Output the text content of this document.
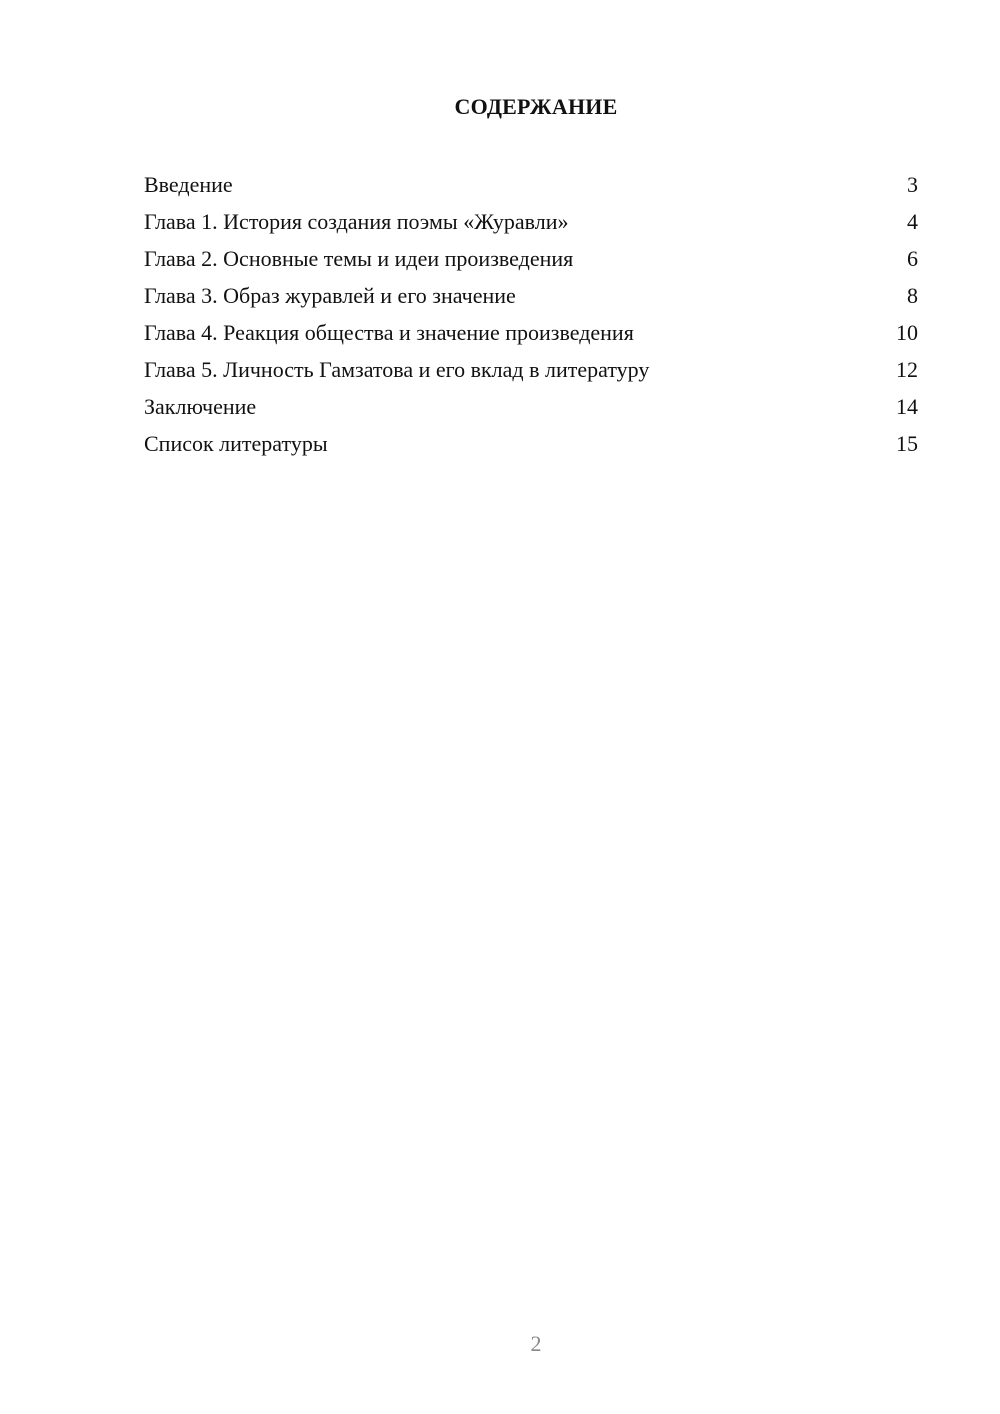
СОДЕРЖАНИЕ
Введение	3
Глава 1. История создания поэмы «Журавли»	4
Глава 2. Основные темы и идеи произведения	6
Глава 3. Образ журавлей и его значение	8
Глава 4. Реакция общества и значение произведения	10
Глава 5. Личность Гамзатова и его вклад в литературу	12
Заключение	14
Список литературы	15
2
